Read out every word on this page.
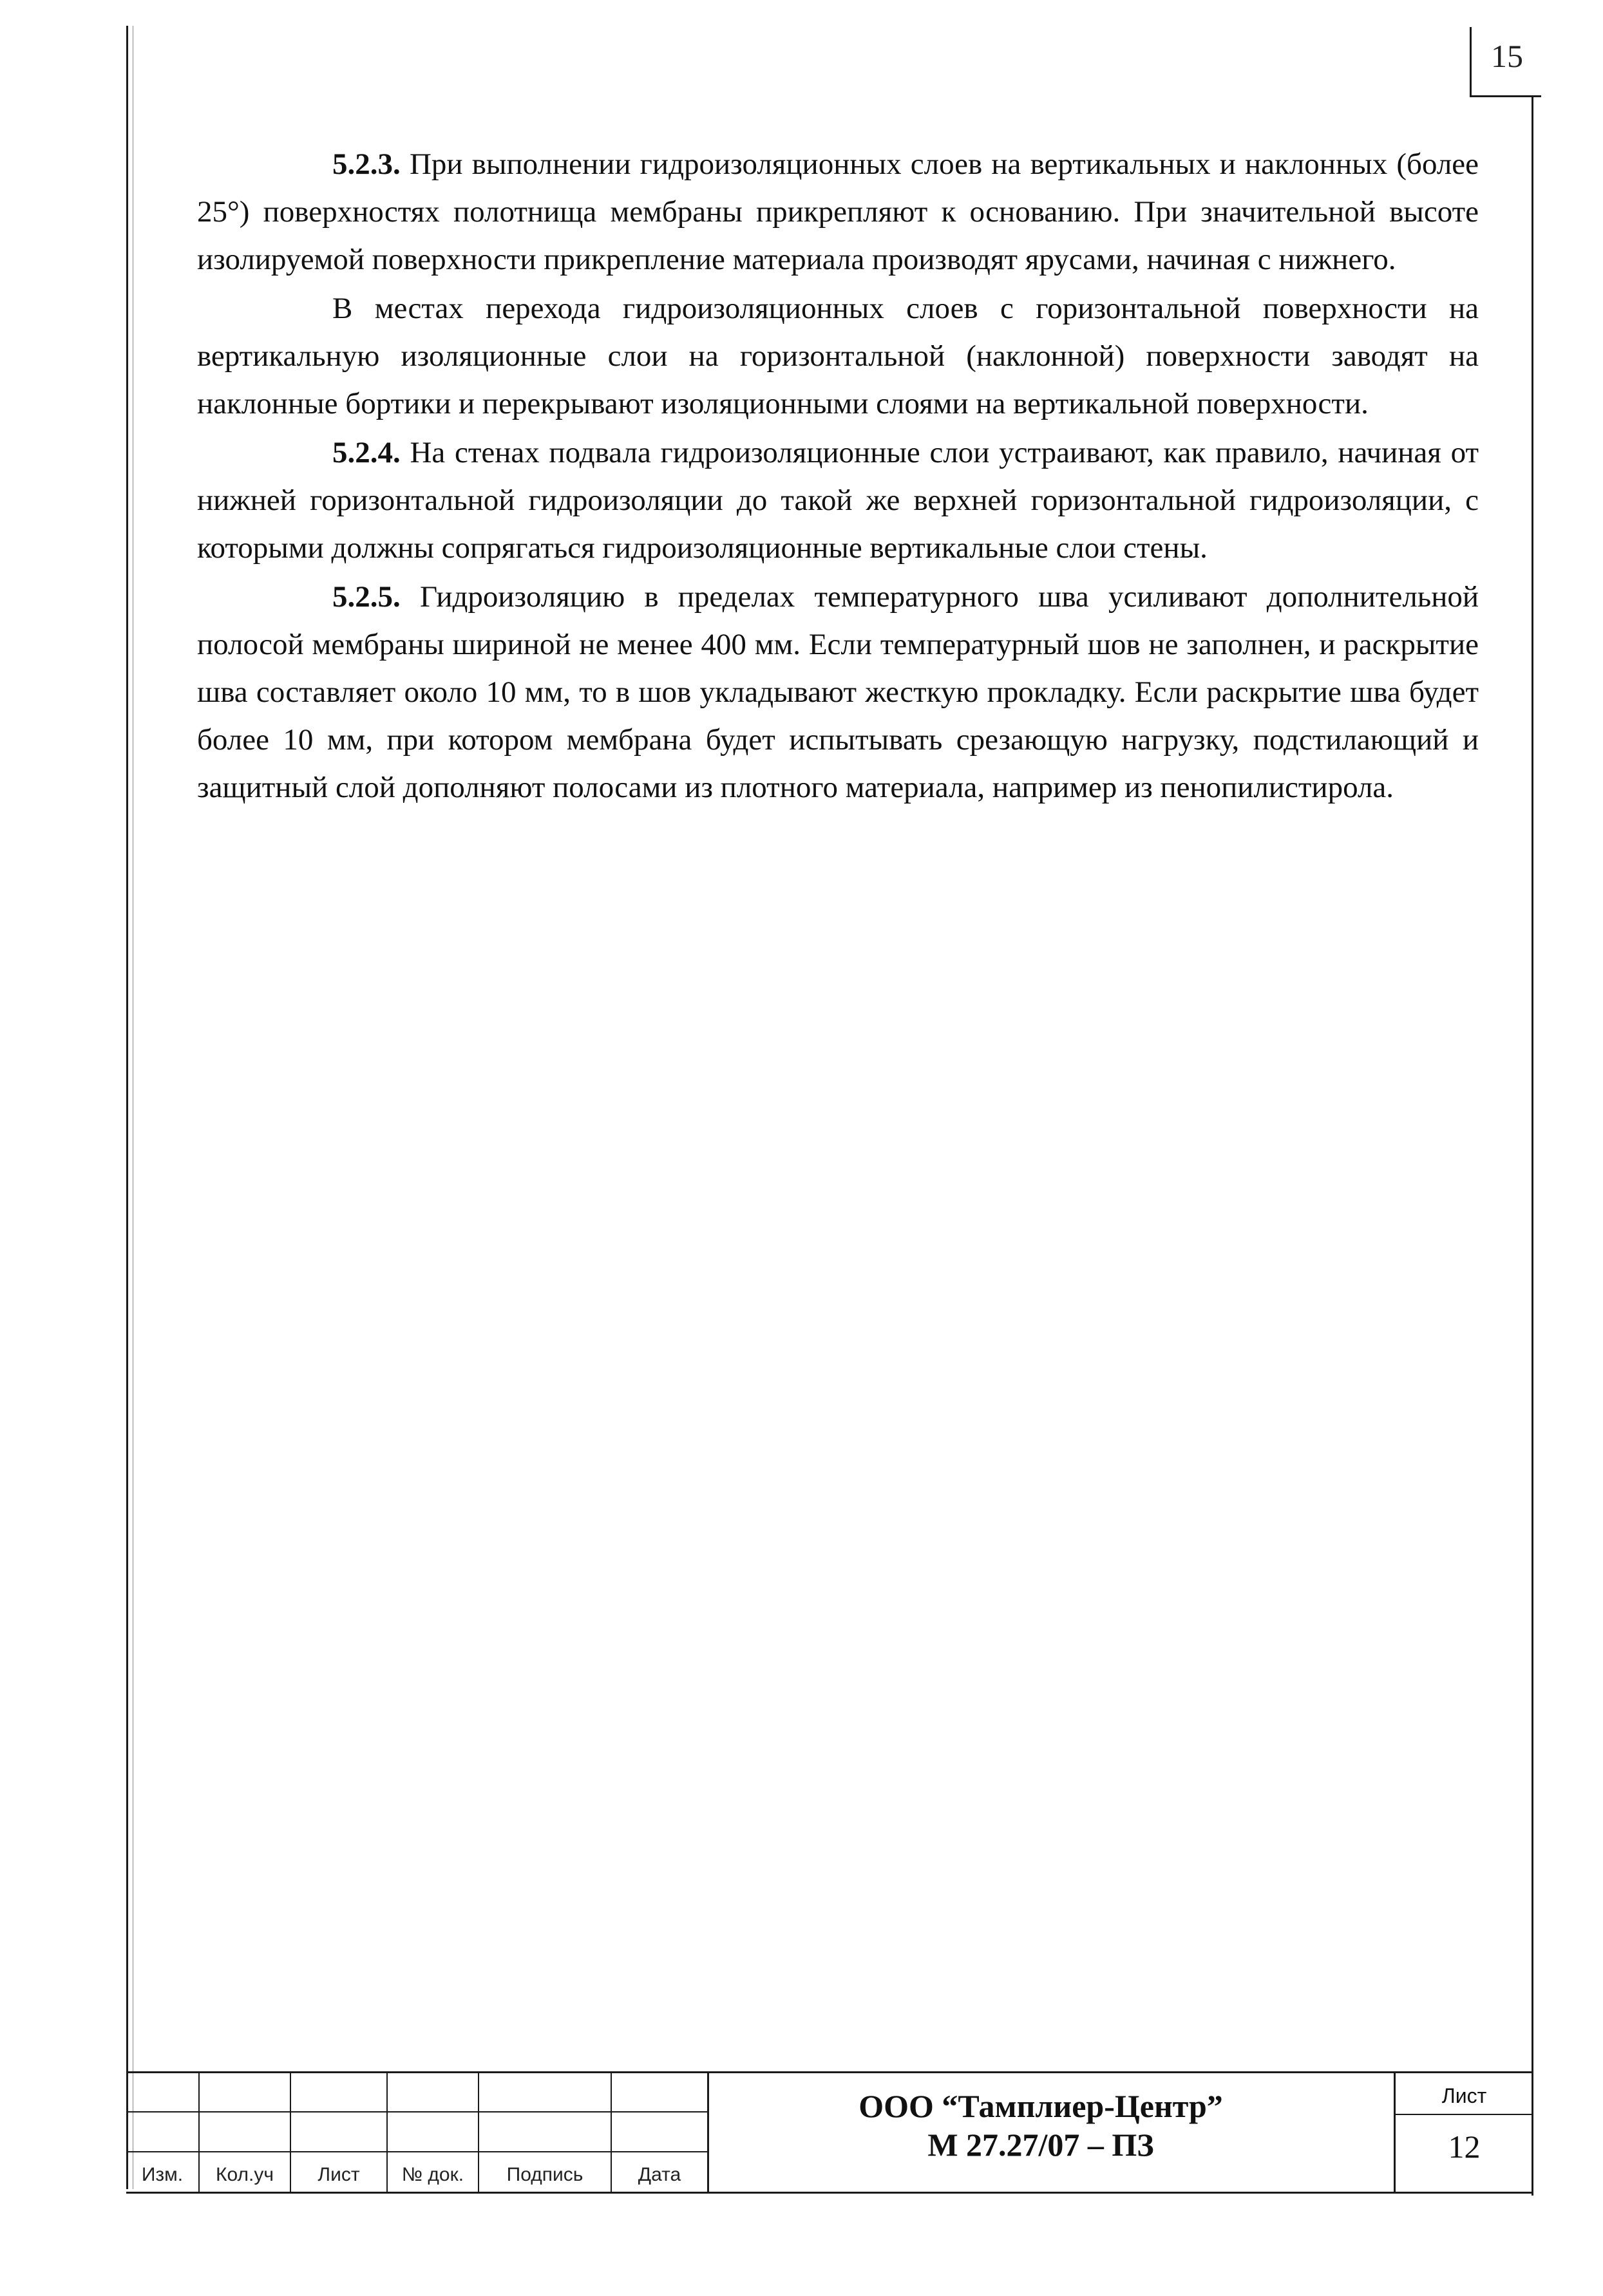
15

5.2.3. При выполнении гидроизоляционных слоев на вертикальных и наклонных (более 25°) поверхностях полотнища мембраны прикрепляют к основанию. При значительной высоте изолируемой поверхности прикрепление материала производят ярусами, начиная с нижнего.

В местах перехода гидроизоляционных слоев с горизонтальной поверхности на вертикальную изоляционные слои на горизонтальной (наклонной) поверхности заводят на наклонные бортики и перекрывают изоляционными слоями на вертикальной поверхности.

5.2.4. На стенах подвала гидроизоляционные слои устраивают, как правило, начиная от нижней горизонтальной гидроизоляции до такой же верхней горизонтальной гидроизоляции, с которыми должны сопрягаться гидроизоляционные вертикальные слои стены.

5.2.5. Гидроизоляцию в пределах температурного шва усиливают дополнительной полосой мембраны шириной не менее 400 мм. Если температурный шов не заполнен, и раскрытие шва составляет около 10 мм, то в шов укладывают жесткую прокладку. Если раскрытие шва будет более 10 мм, при котором мембрана будет испытывать срезающую нагрузку, подстилающий и защитный слой дополняют полосами из плотного материала, например из пенопилистирола.

Изм.	Кол.уч	Лист	№ док.	Подпись	Дата
ООО “Тамплиер-Центр”
М 27.27/07 – ПЗ
Лист
12
